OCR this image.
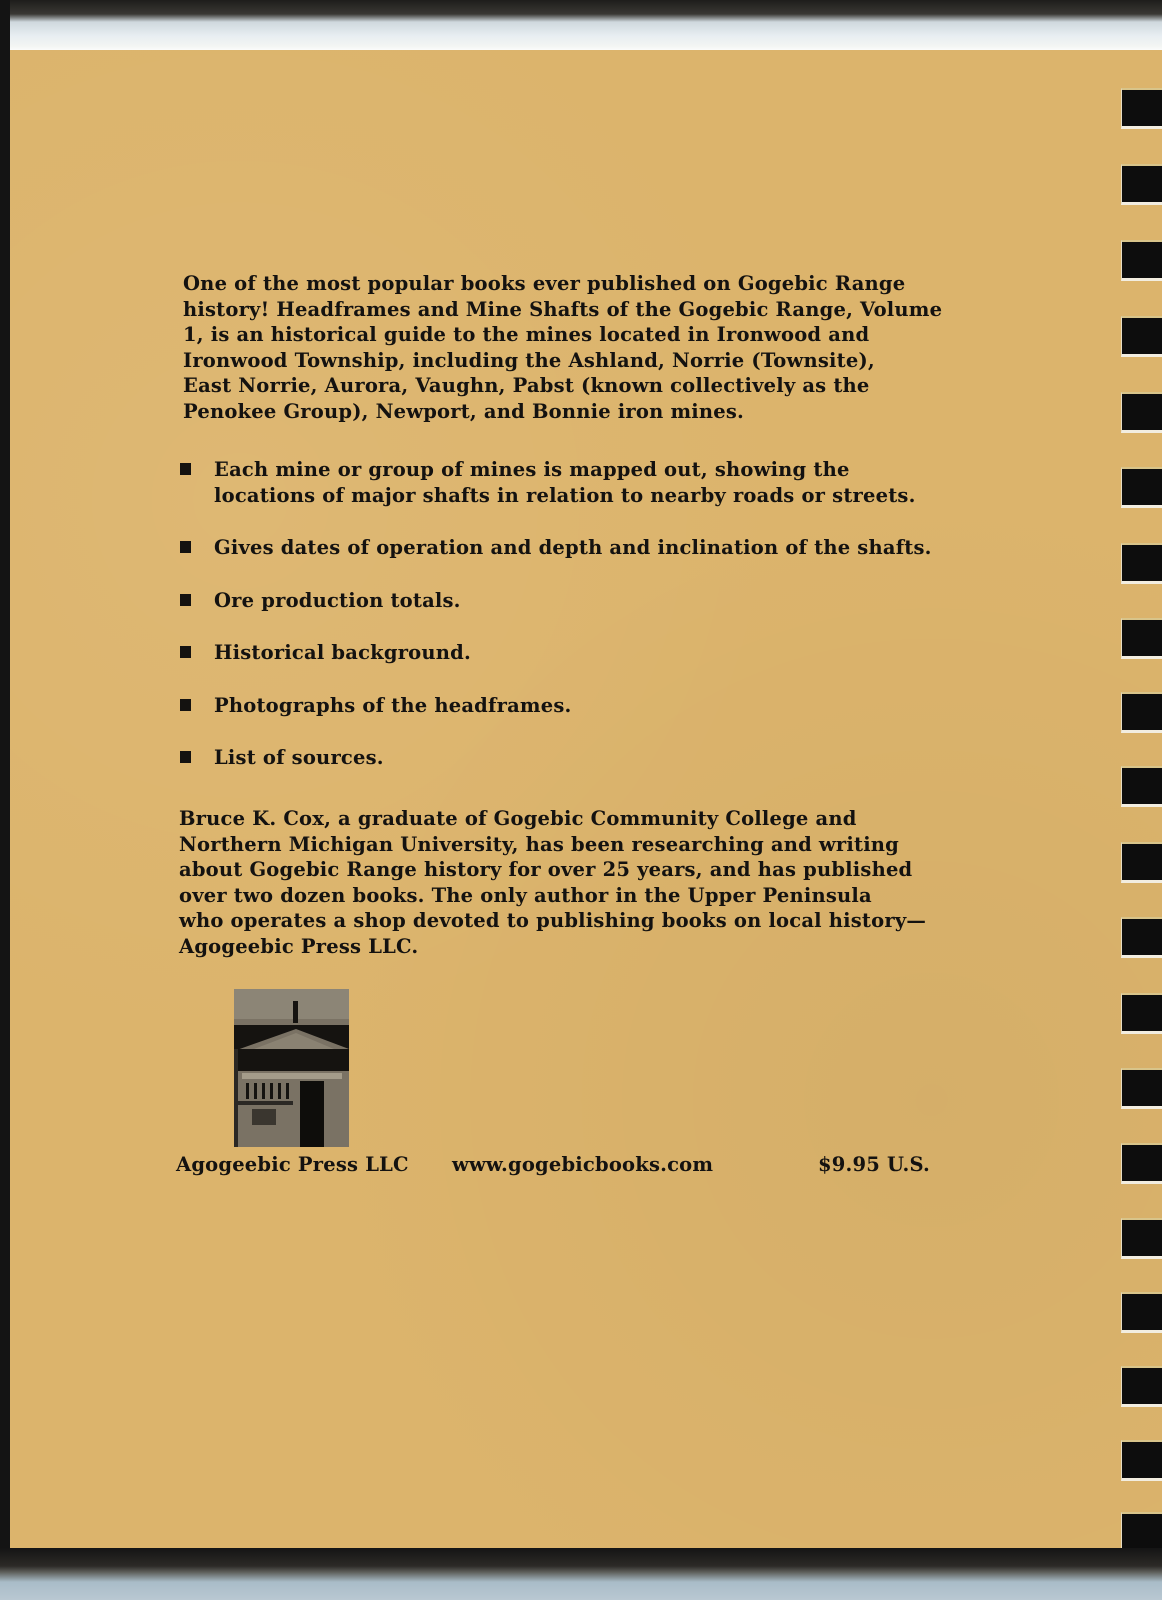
One of the most popular books ever published on Gogebic Range
history! Headframes and Mine Shafts of the Gogebic Range, Volume
1, is an historical guide to the mines located in Ironwood and
Ironwood Township, including the Ashland, Norrie (Townsite),
East Norrie, Aurora, Vaughn, Pabst (known collectively as the
Penokee Group), Newport, and Bonnie iron mines.
Each mine or group of mines is mapped out, showing the
locations of major shafts in relation to nearby roads or streets.
Gives dates of operation and depth and inclination of the shafts.
Ore production totals.
Historical background.
Photographs of the headframes.
List of sources.
Bruce K. Cox, a graduate of Gogebic Community College and
Northern Michigan University, has been researching and writing
about Gogebic Range history for over 25 years, and has published
over two dozen books. The only author in the Upper Peninsula
who operates a shop devoted to publishing books on local history—
Agogeebic Press LLC.
Agogeebic Press LLC www.gogebicbooks.com	$9.95 U.S.
